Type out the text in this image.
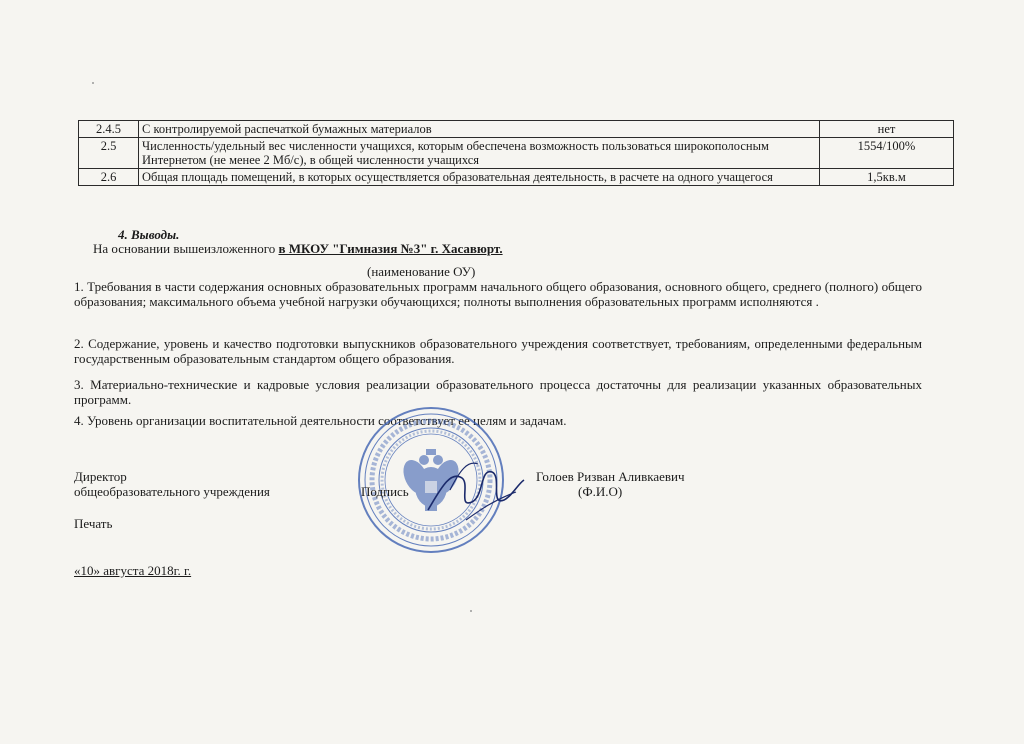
2.4.5	С контролируемой распечаткой бумажных материалов	нет
2.5	Численность/удельный вес численности учащихся, которым обеспечена возможность пользоваться широкополосным Интернетом (не менее 2 Мб/с), в общей численности учащихся	1554/100%
2.6	Общая площадь помещений, в которых осуществляется образовательная деятельность, в расчете на одного учащегося	1,5кв.м
4. Выводы.
На основании вышеизложенного в МКОУ "Гимназия №3" г. Хасавюрт.
(наименование ОУ)
1. Требования в части содержания основных образовательных программ начального общего образования, основного общего, среднего (полного) общего образования; максимального объема учебной нагрузки обучающихся; полноты выполнения образовательных программ исполняются .
2. Содержание, уровень и качество подготовки выпускников образовательного учреждения соответствует, требованиям, определенными федеральным государственным образовательным стандартом общего образования.
3. Материально-технические и кадровые условия реализации образовательного процесса достаточны для реализации указанных образовательных программ.
4. Уровень организации воспитательной деятельности соответствует ее целям и задачам.
Директор
общеобразовательного учреждения	Подпись
Голоев Ризван Аливкаевич
(Ф.И.О)
Печать
«10» августа 2018г. г.
